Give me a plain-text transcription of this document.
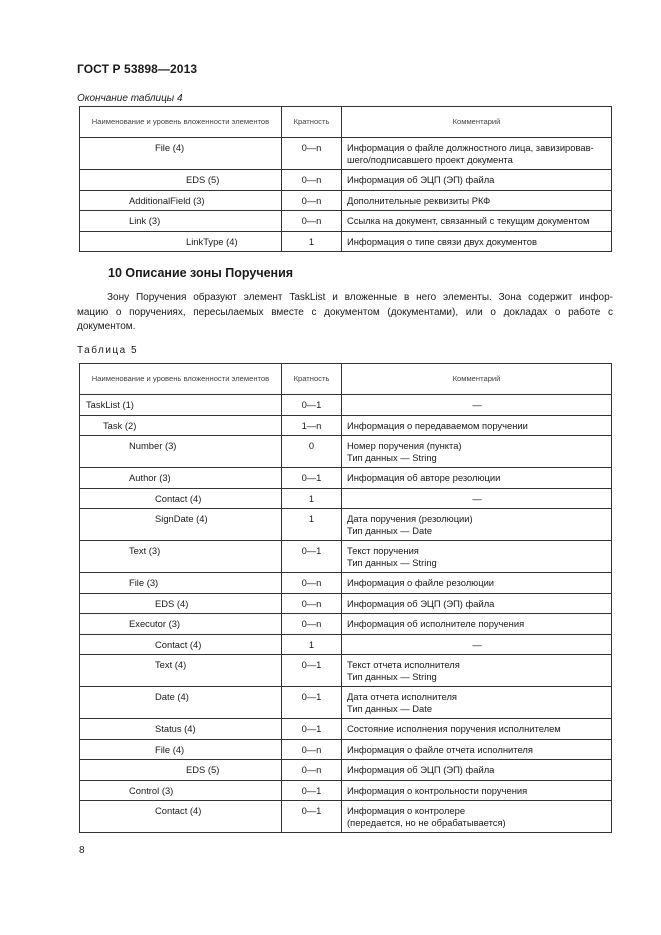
ГОСТ Р 53898—2013
Окончание таблицы 4
Наименование и уровень вложенности элементов	Кратность	Комментарий
File (4)	0—n	Информация о файле должностного лица, завизировав-
шего/подписавшего проект документа

EDS (5)	0—n	Информация об ЭЦП (ЭП) файла

AdditionalField (3)	0—n	Дополнительные реквизиты РКФ

Link (3)	0—n	Ссылка на документ, связанный с текущим документом

LinkType (4)	1	Информация о типе связи двух документов
10 Описание зоны Поручения
Зону Поручения образуют элемент TaskList и вложенные в него элементы. Зона содержит инфор-
мацию о поручениях, пересылаемых вместе с документом (документами), или о докладах о работе с
документом.
Таблица 5
Наименование и уровень вложенности элементов	Кратность	Комментарий
TaskList (1)	0—1	—

Task (2)	1—n	Информация о передаваемом поручении

Number (3)	0	Номер поручения (пункта)
Тип данных — String

Author (3)	0—1	Информация об авторе резолюции

Contact (4)	1	—

SignDate (4)	1	Дата поручения (резолюции)
Тип данных — Date

Text (3)	0—1	Текст поручения
Тип данных — String

File (3)	0—n	Информация о файле резолюции

EDS (4)	0—n	Информация об ЭЦП (ЭП) файла

Executor (3)	0—n	Информация об исполнителе поручения

Contact (4)	1	—

Text (4)	0—1	Текст отчета исполнителя
Тип данных — String

Date (4)	0—1	Дата отчета исполнителя
Тип данных — Date

Status (4)	0—1	Состояние исполнения поручения исполнителем

File (4)	0—n	Информация о файле отчета исполнителя

EDS (5)	0—n	Информация об ЭЦП (ЭП) файла

Control (3)	0—1	Информация о контрольности поручения

Contact (4)	0—1	Информация о контролере
(передается, но не обрабатывается)
8
